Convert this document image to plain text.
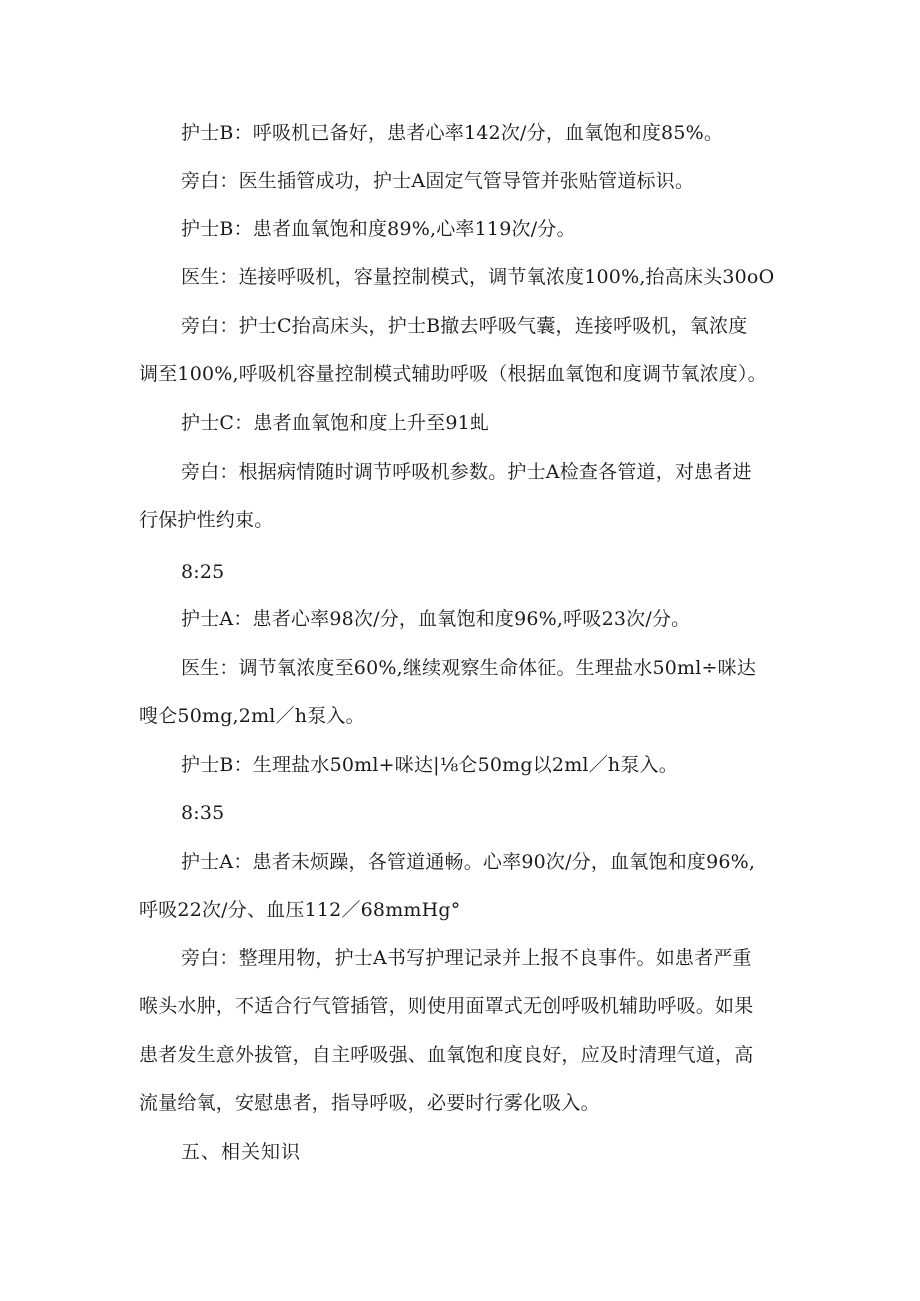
护士B：呼吸机已备好，患者心率142次/分，血氧饱和度85%。
旁白：医生插管成功，护士A固定气管导管并张贴管道标识。
护士B：患者血氧饱和度89%,心率119次/分。
医生：连接呼吸机，容量控制模式，调节氧浓度100%,抬高床头30oO
旁白：护士C抬高床头，护士B撤去呼吸气囊，连接呼吸机，氧浓度
调至100%,呼吸机容量控制模式辅助呼吸（根据血氧饱和度调节氧浓度）。
护士C：患者血氧饱和度上升至91虬
旁白：根据病情随时调节呼吸机参数。护士A检查各管道，对患者进
行保护性约束。
8:25
护士A：患者心率98次/分，血氧饱和度96%,呼吸23次/分。
医生：调节氧浓度至60%,继续观察生命体征。生理盐水50ml÷咪达
嗖仑50mg,2ml／h泵入。
护士B：生理盐水50ml+咪达|⅛仑50mg以2ml／h泵入。
8:35
护士A：患者未烦躁，各管道通畅。心率90次/分，血氧饱和度96%,
呼吸22次/分、血压112／68mmHg°
旁白：整理用物，护士A书写护理记录并上报不良事件。如患者严重
喉头水肿，不适合行气管插管，则使用面罩式无创呼吸机辅助呼吸。如果
患者发生意外拔管，自主呼吸强、血氧饱和度良好，应及时清理气道，高
流量给氧，安慰患者，指导呼吸，必要时行雾化吸入。
五、相关知识
